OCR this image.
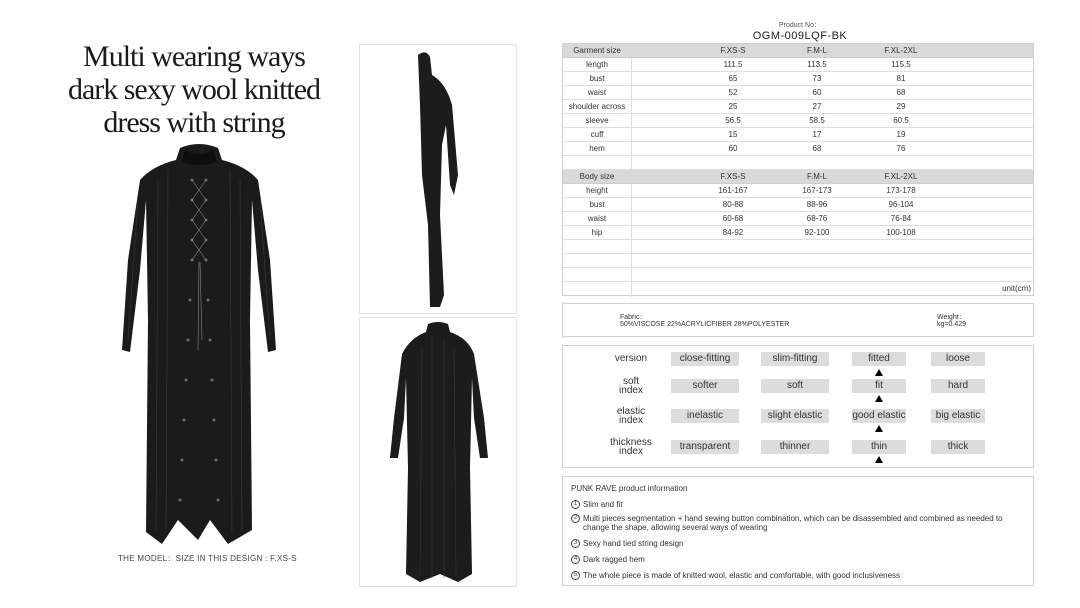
Multi wearing ways dark sexy wool knitted dress with string
THE MODEL：SIZE IN THIS DESIGN : F.XS-S
Product No：
OGM-009LQF-BK
Garment size	F.XS-S	F.M-L	F.XL-2XL
length	111.5	113.5	115.5
bust	65	73	81
waist	52	60	68
shoulder across	25	27	29
sleeve	56.5	58.5	60.5
cuff	15	17	19
hem	60	68	76
Body size	F.XS-S	F.M-L	F.XL-2XL
height	161-167	167-173	173-178
bust	80-88	88-96	96-104
waist	60-68	68-76	76-84
hip	84-92	92-100	100-108
unit(cm)
Fabric：
50%VISCOSE 22%ACRYLICFIBER 28%POLYESTER
Weight：
kg=0.429
version	close-fitting	slim-fitting	fitted	loose
soft
index	softer	soft	fit	hard
elastic
index	inelastic	slight elastic	good elastic	big elastic
thickness
index	transparent	thinner	thin	thick
PUNK RAVE product information
1 Slim and fit
2 Multi pieces segmentation + hand sewing button combination, which can be disassembled and combined as needed to change the shape, allowing several ways of wearing
3 Sexy hand tied string design
4 Dark ragged hem
5 The whole piece is made of knitted wool, elastic and comfortable, with good inclusiveness
